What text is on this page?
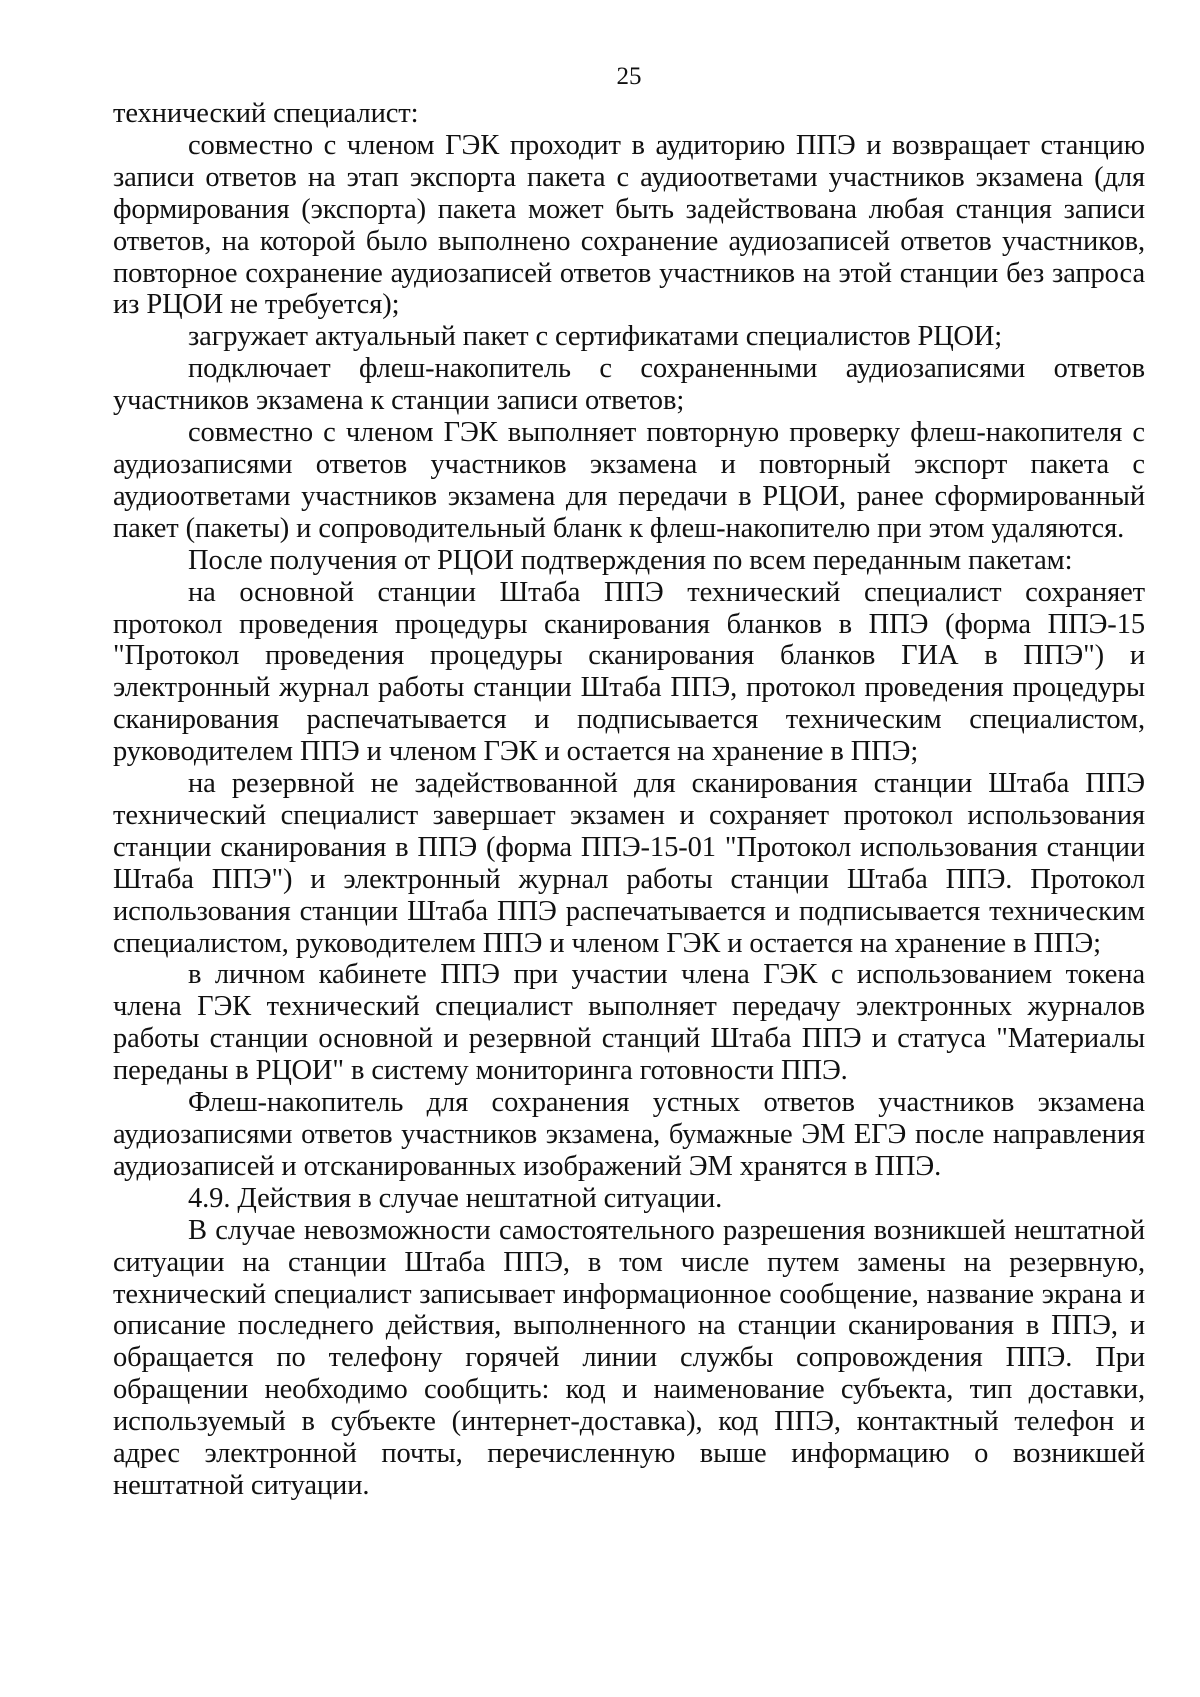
25

технический специалист:

совместно с членом ГЭК проходит в аудиторию ППЭ и возвращает станцию записи ответов на этап экспорта пакета с аудиоответами участников экзамена (для формирования (экспорта) пакета может быть задействована любая станция записи ответов, на которой было выполнено сохранение аудиозаписей ответов участников, повторное сохранение аудиозаписей ответов участников на этой станции без запроса из РЦОИ не требуется);

загружает актуальный пакет с сертификатами специалистов РЦОИ;

подключает флеш-накопитель с сохраненными аудиозаписями ответов участников экзамена к станции записи ответов;

совместно с членом ГЭК выполняет повторную проверку флеш-накопителя с аудиозаписями ответов участников экзамена и повторный экспорт пакета с аудиоответами участников экзамена для передачи в РЦОИ, ранее сформированный пакет (пакеты) и сопроводительный бланк к флеш-накопителю при этом удаляются.

После получения от РЦОИ подтверждения по всем переданным пакетам:

на основной станции Штаба ППЭ технический специалист сохраняет протокол проведения процедуры сканирования бланков в ППЭ (форма ППЭ-15 "Протокол проведения процедуры сканирования бланков ГИА в ППЭ") и электронный журнал работы станции Штаба ППЭ, протокол проведения процедуры сканирования распечатывается и подписывается техническим специалистом, руководителем ППЭ и членом ГЭК и остается на хранение в ППЭ;

на резервной не задействованной для сканирования станции Штаба ППЭ технический специалист завершает экзамен и сохраняет протокол использования станции сканирования в ППЭ (форма ППЭ-15-01 "Протокол использования станции Штаба ППЭ") и электронный журнал работы станции Штаба ППЭ. Протокол использования станции Штаба ППЭ распечатывается и подписывается техническим специалистом, руководителем ППЭ и членом ГЭК и остается на хранение в ППЭ;

в личном кабинете ППЭ при участии члена ГЭК с использованием токена члена ГЭК технический специалист выполняет передачу электронных журналов работы станции основной и резервной станций Штаба ППЭ и статуса "Материалы переданы в РЦОИ" в систему мониторинга готовности ППЭ.

Флеш-накопитель для сохранения устных ответов участников экзамена аудиозаписями ответов участников экзамена, бумажные ЭМ ЕГЭ после направления аудиозаписей и отсканированных изображений ЭМ хранятся в ППЭ.

4.9. Действия в случае нештатной ситуации.

В случае невозможности самостоятельного разрешения возникшей нештатной ситуации на станции Штаба ППЭ, в том числе путем замены на резервную, технический специалист записывает информационное сообщение, название экрана и описание последнего действия, выполненного на станции сканирования в ППЭ, и обращается по телефону горячей линии службы сопровождения ППЭ. При обращении необходимо сообщить: код и наименование субъекта, тип доставки, используемый в субъекте (интернет-доставка), код ППЭ, контактный телефон и адрес электронной почты, перечисленную выше информацию о возникшей нештатной ситуации.
